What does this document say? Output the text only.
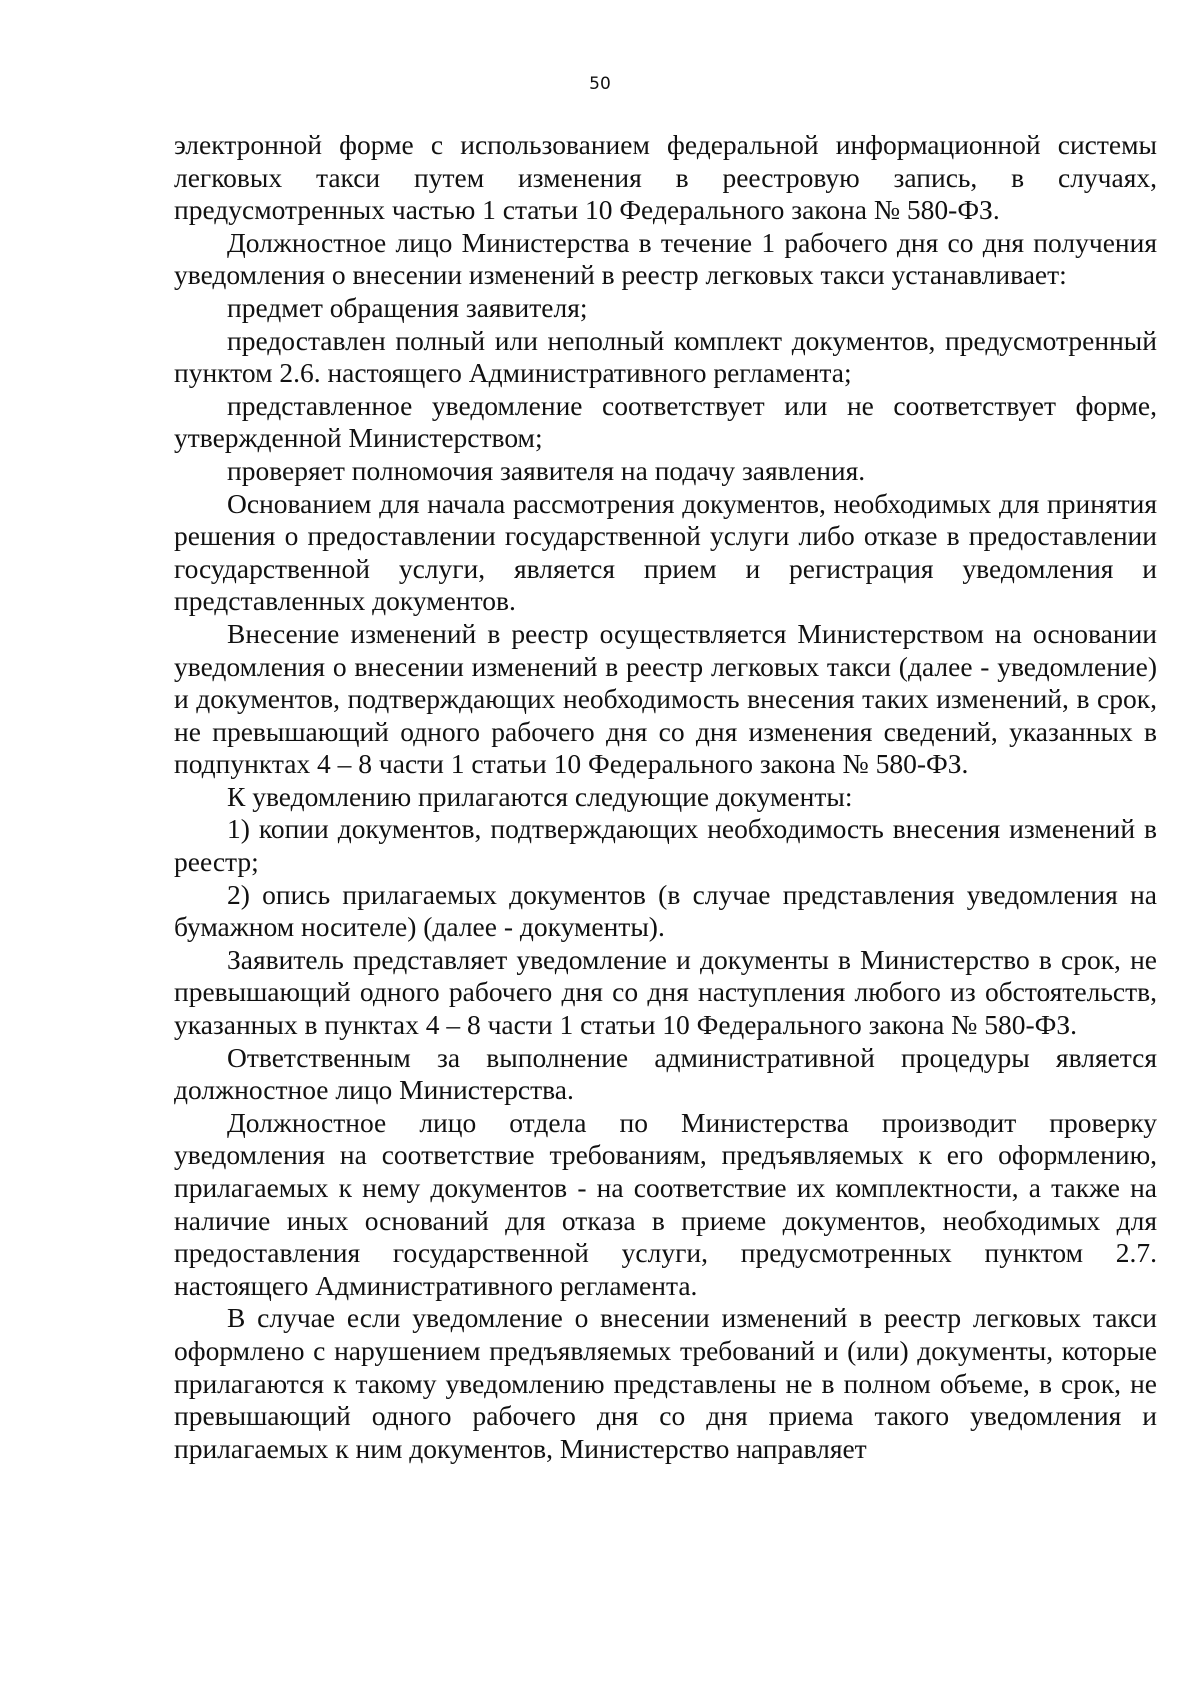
50

электронной форме с использованием федеральной информационной системы легковых такси путем изменения в реестровую запись, в случаях, предусмотренных частью 1 статьи 10 Федерального закона № 580-ФЗ.

Должностное лицо Министерства в течение 1 рабочего дня со дня получения уведомления о внесении изменений в реестр легковых такси устанавливает:

предмет обращения заявителя;

предоставлен полный или неполный комплект документов, предусмотренный пунктом 2.6. настоящего Административного регламента;

представленное уведомление соответствует или не соответствует форме, утвержденной Министерством;

проверяет полномочия заявителя на подачу заявления.

Основанием для начала рассмотрения документов, необходимых для принятия решения о предоставлении государственной услуги либо отказе в предоставлении государственной услуги, является прием и регистрация уведомления и представленных документов.

Внесение изменений в реестр осуществляется Министерством на основании уведомления о внесении изменений в реестр легковых такси (далее - уведомление) и документов, подтверждающих необходимость внесения таких изменений, в срок, не превышающий одного рабочего дня со дня изменения сведений, указанных в подпунктах 4 – 8 части 1 статьи 10 Федерального закона № 580-ФЗ.

К уведомлению прилагаются следующие документы:

1) копии документов, подтверждающих необходимость внесения изменений в реестр;

2) опись прилагаемых документов (в случае представления уведомления на бумажном носителе) (далее - документы).

Заявитель представляет уведомление и документы в Министерство в срок, не превышающий одного рабочего дня со дня наступления любого из обстоятельств, указанных в пунктах 4 – 8 части 1 статьи 10 Федерального закона № 580-ФЗ.

Ответственным за выполнение административной процедуры является должностное лицо Министерства.

Должностное лицо отдела по Министерства производит проверку уведомления на соответствие требованиям, предъявляемых к его оформлению, прилагаемых к нему документов - на соответствие их комплектности, а также на наличие иных оснований для отказа в приеме документов, необходимых для предоставления государственной услуги, предусмотренных пунктом 2.7. настоящего Административного регламента.

В случае если уведомление о внесении изменений в реестр легковых такси оформлено с нарушением предъявляемых требований и (или) документы, которые прилагаются к такому уведомлению представлены не в полном объеме, в срок, не превышающий одного рабочего дня со дня приема такого уведомления и прилагаемых к ним документов, Министерство направляет
